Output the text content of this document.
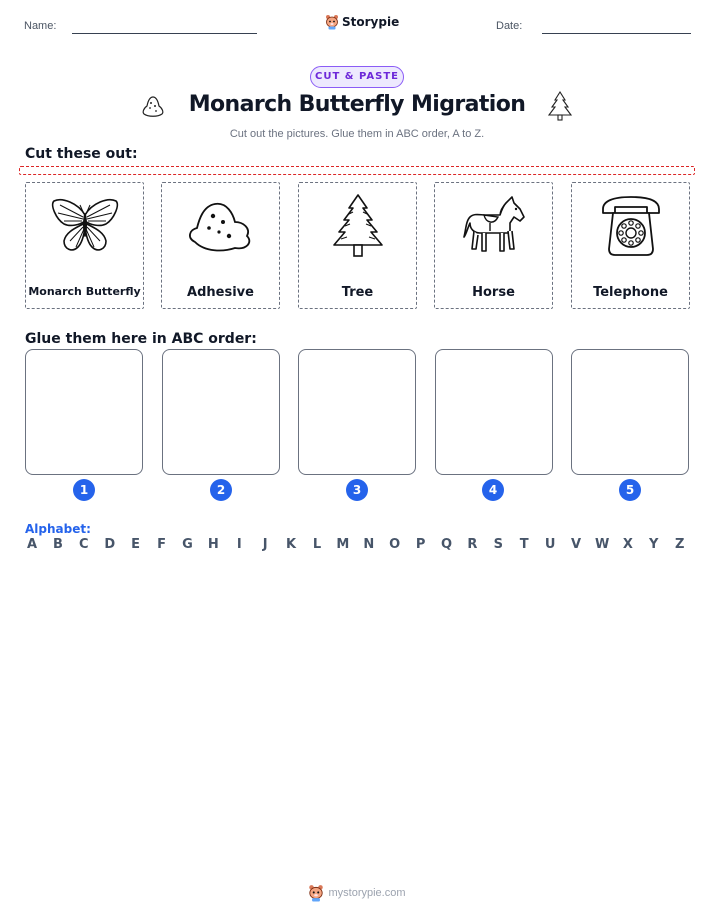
Name:	Storypie	Date:
CUT & PASTE
Monarch Butterfly Migration
Cut out the pictures. Glue them in ABC order, A to Z.
Cut these out:
Monarch Butterfly	Adhesive	Tree	Horse	Telephone
Glue them here in ABC order:
1	2	3	4	5
Alphabet:
A B C D E F G H	I	J	K L M N O P Q R S T U V W X Y Z
mystorypie.com
